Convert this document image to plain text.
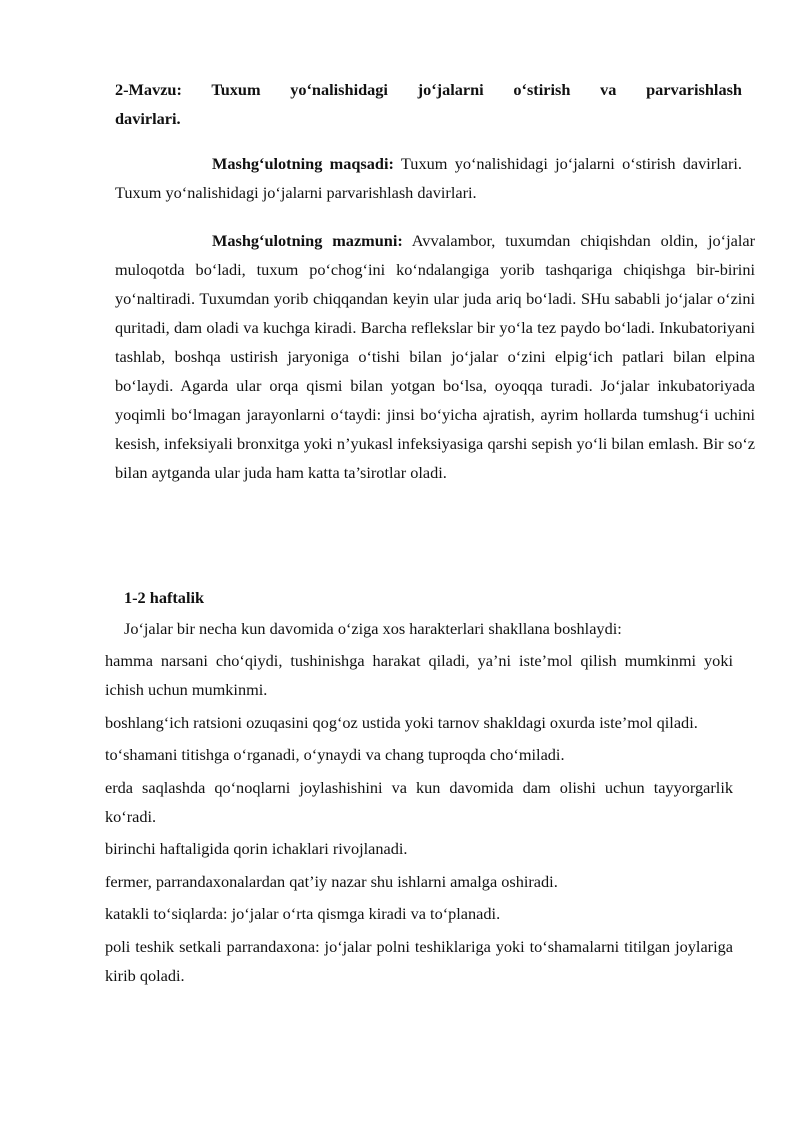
2-Mavzu: Tuxum yo‘nalishidagi jo‘jalarni o‘stirish va parvarishlash
davirlari.

Mashg‘ulotning maqsadi: Tuxum yo‘nalishidagi jo‘jalarni o‘stirish davirlari. Tuxum yo‘nalishidagi jo‘jalarni parvarishlash davirlari.

Mashg‘ulotning mazmuni: Avvalambor, tuxumdan chiqishdan oldin, jo‘jalar muloqotda bo‘ladi, tuxum po‘chog‘ini ko‘ndalangiga yorib tashqariga chiqishga bir-birini yo‘naltiradi. Tuxumdan yorib chiqqandan keyin ular juda ariq bo‘ladi. SHu sababli jo‘jalar o‘zini quritadi, dam oladi va kuchga kiradi. Barcha reflekslar bir yo‘la tez paydo bo‘ladi. Inkubatoriyani tashlab, boshqa ustirish jaryoniga o‘tishi bilan jo‘jalar o‘zini elpig‘ich patlari bilan elpina bo‘laydi. Agarda ular orqa qismi bilan yotgan bo‘lsa, oyoqqa turadi. Jo‘jalar inkubatoriyada yoqimli bo‘lmagan jarayonlarni o‘taydi: jinsi bo‘yicha ajratish, ayrim hollarda tumshug‘i uchini kesish, infeksiyali bronxitga yoki n’yukasl infeksiyasiga qarshi sepish yo‘li bilan emlash. Bir so‘z bilan aytganda ular juda ham katta ta’sirotlar oladi.

1-2 haftalik
Jo‘jalar bir necha kun davomida o‘ziga xos harakterlari shakllana boshlaydi:
hamma narsani cho‘qiydi, tushinishga harakat qiladi, ya’ni iste’mol qilish mumkinmi yoki ichish uchun mumkinmi.
boshlang‘ich ratsioni ozuqasini qog‘oz ustida yoki tarnov shakldagi oxurda iste’mol qiladi.
to‘shamani titishga o‘rganadi, o‘ynaydi va chang tuproqda cho‘miladi.
erda saqlashda qo‘noqlarni joylashishini va kun davomida dam olishi uchun tayyorgarlik ko‘radi.
birinchi haftaligida qorin ichaklari rivojlanadi.
fermer, parrandaxonalardan qat’iy nazar shu ishlarni amalga oshiradi.
katakli to‘siqlarda: jo‘jalar o‘rta qismga kiradi va to‘planadi.
poli teshik setkali parrandaxona: jo‘jalar polni teshiklariga yoki to‘shamalarni titilgan joylariga kirib qoladi.
